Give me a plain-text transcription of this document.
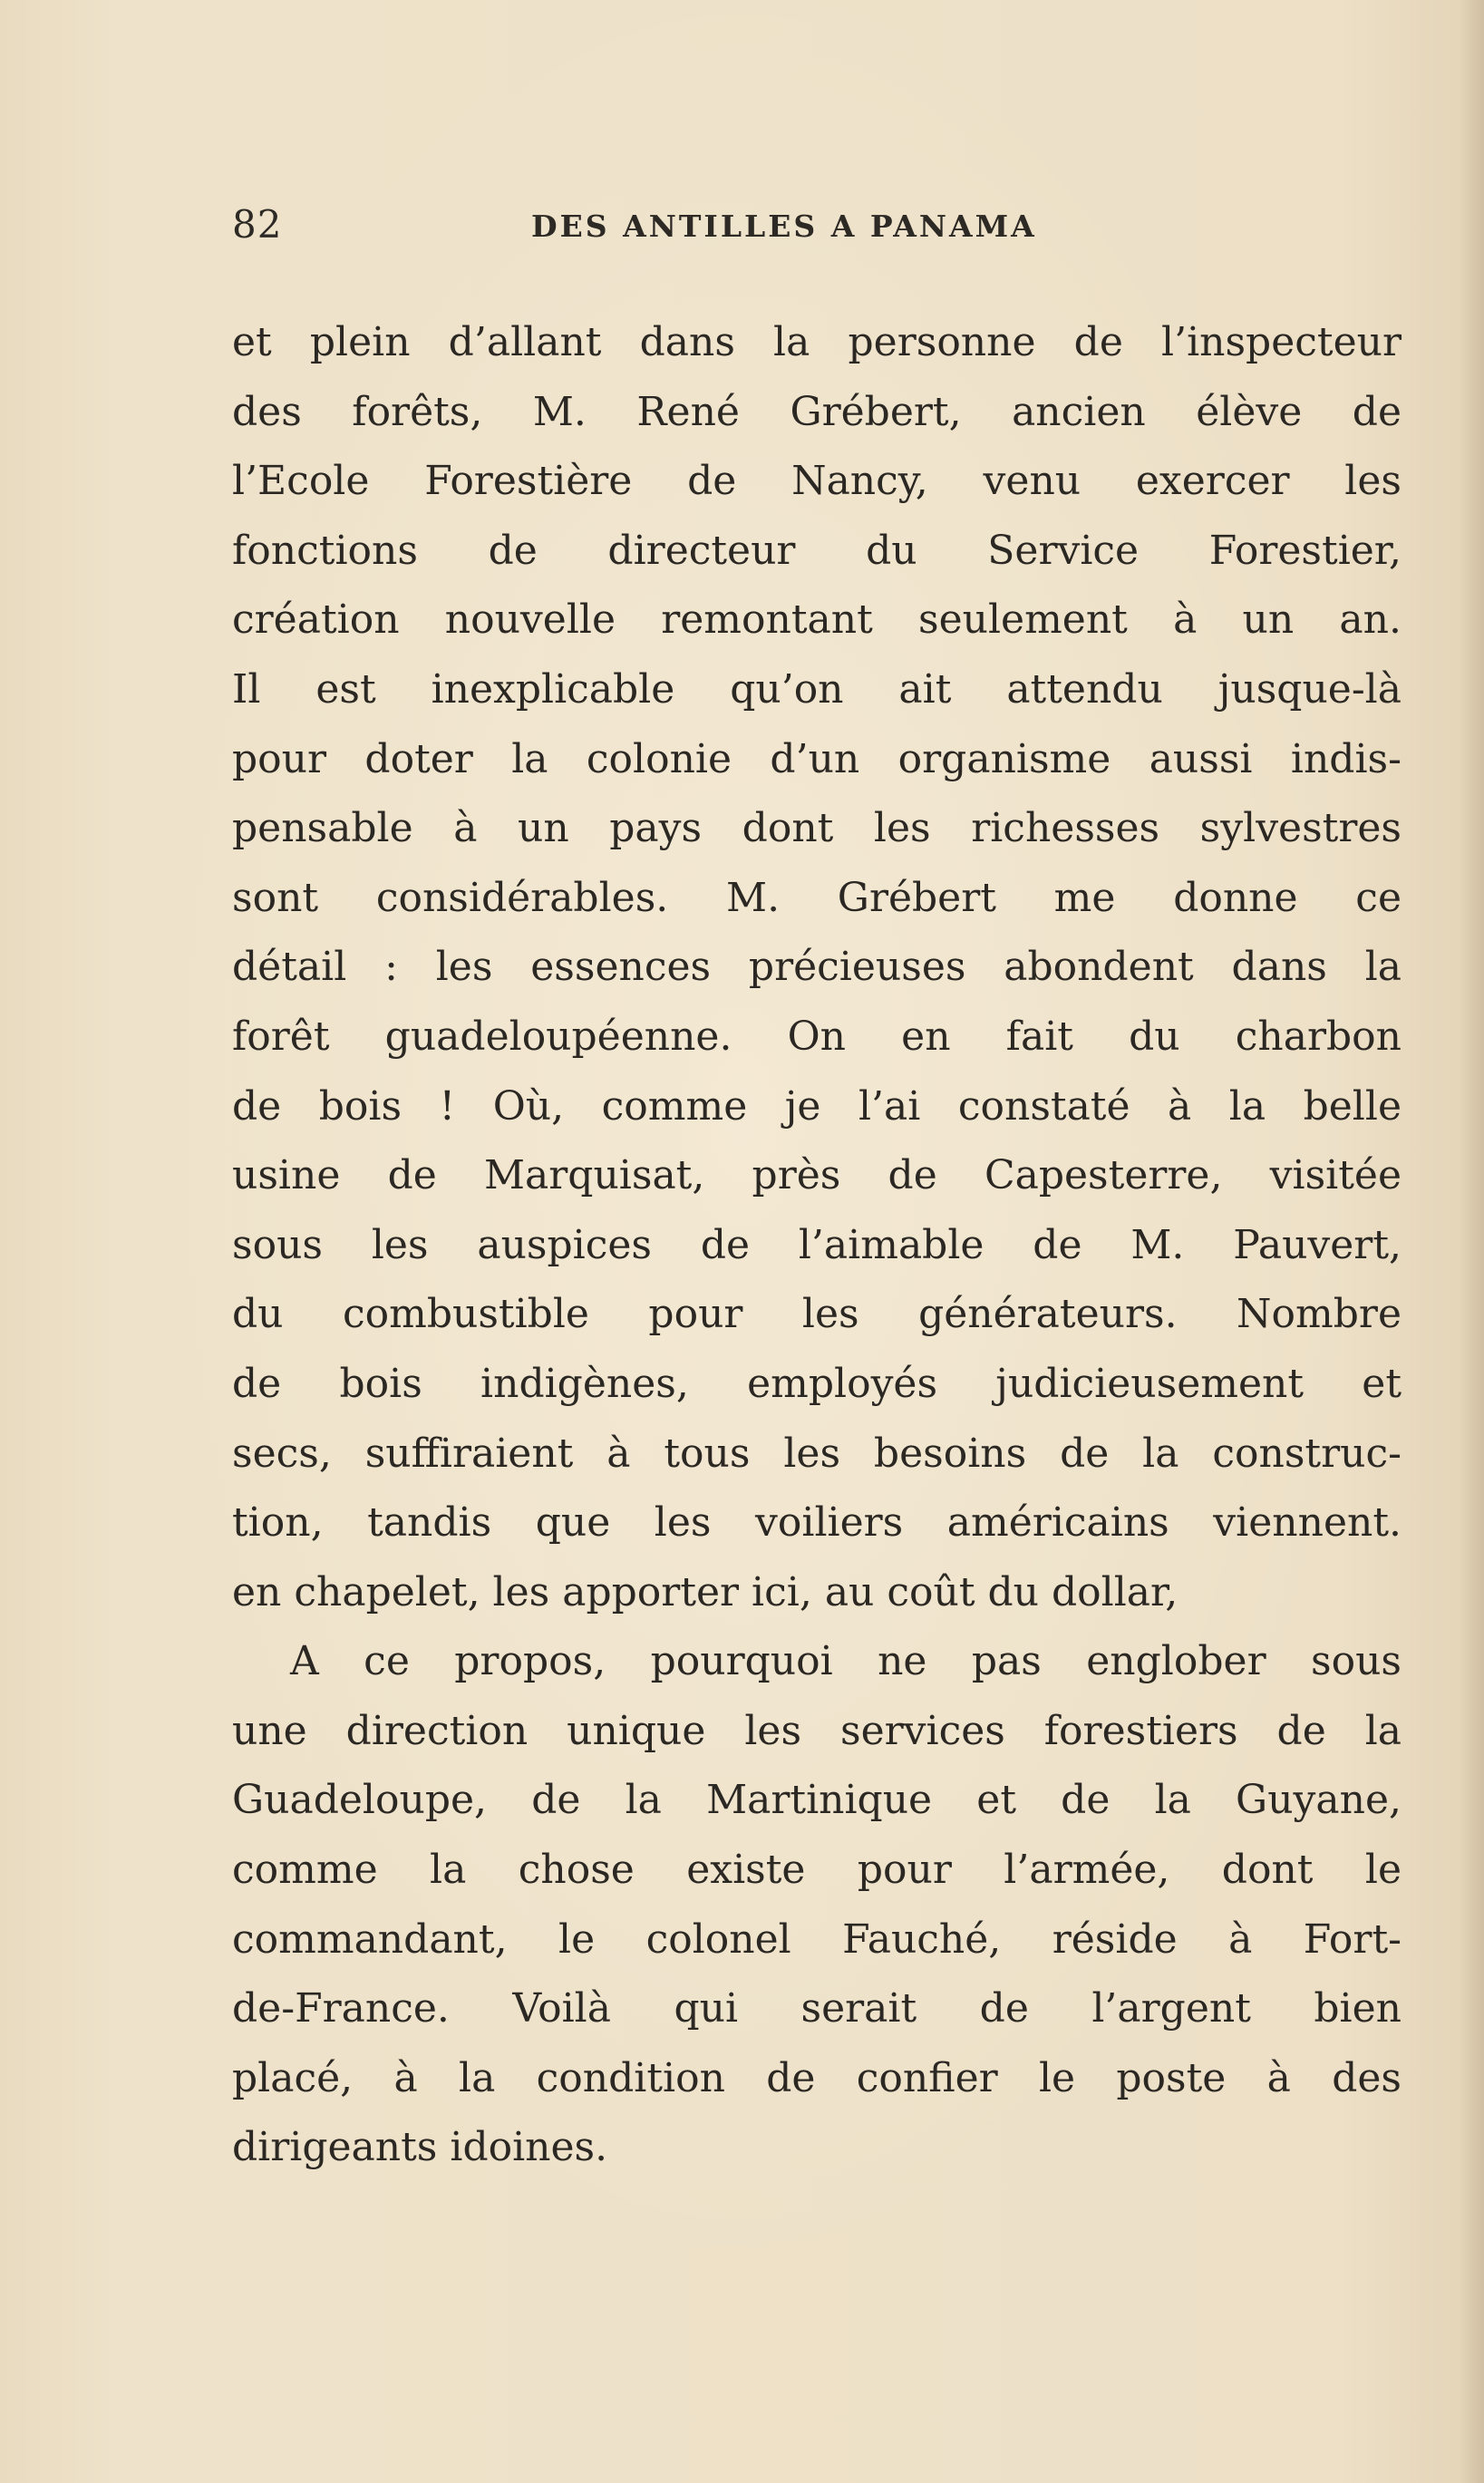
82	DES ANTILLES A PANAMA
et plein d’allant dans la personne de l’inspecteur
des forêts, M. René Grébert, ancien élève de
l’Ecole Forestière de Nancy, venu exercer les
fonctions de directeur du Service Forestier,
création nouvelle remontant seulement à un an.
Il est inexplicable qu’on ait attendu jusque-là
pour doter la colonie d’un organisme aussi indis-
pensable à un pays dont les richesses sylvestres
sont considérables. M. Grébert me donne ce
détail : les essences précieuses abondent dans la
forêt guadeloupéenne. On en fait du charbon
de bois ! Où, comme je l’ai constaté à la belle
usine de Marquisat, près de Capesterre, visitée
sous les auspices de l’aimable de M. Pauvert,
du combustible pour les générateurs. Nombre
de bois indigènes, employés judicieusement et
secs, suffiraient à tous les besoins de la construc-
tion, tandis que les voiliers américains viennent.
en chapelet, les apporter ici, au coût du dollar,
A ce propos, pourquoi ne pas englober sous
une direction unique les services forestiers de la
Guadeloupe, de la Martinique et de la Guyane,
comme la chose existe pour l’armée, dont le
commandant, le colonel Fauché, réside à Fort-
de-France. Voilà qui serait de l’argent bien
placé, à la condition de confier le poste à des
dirigeants idoines.
